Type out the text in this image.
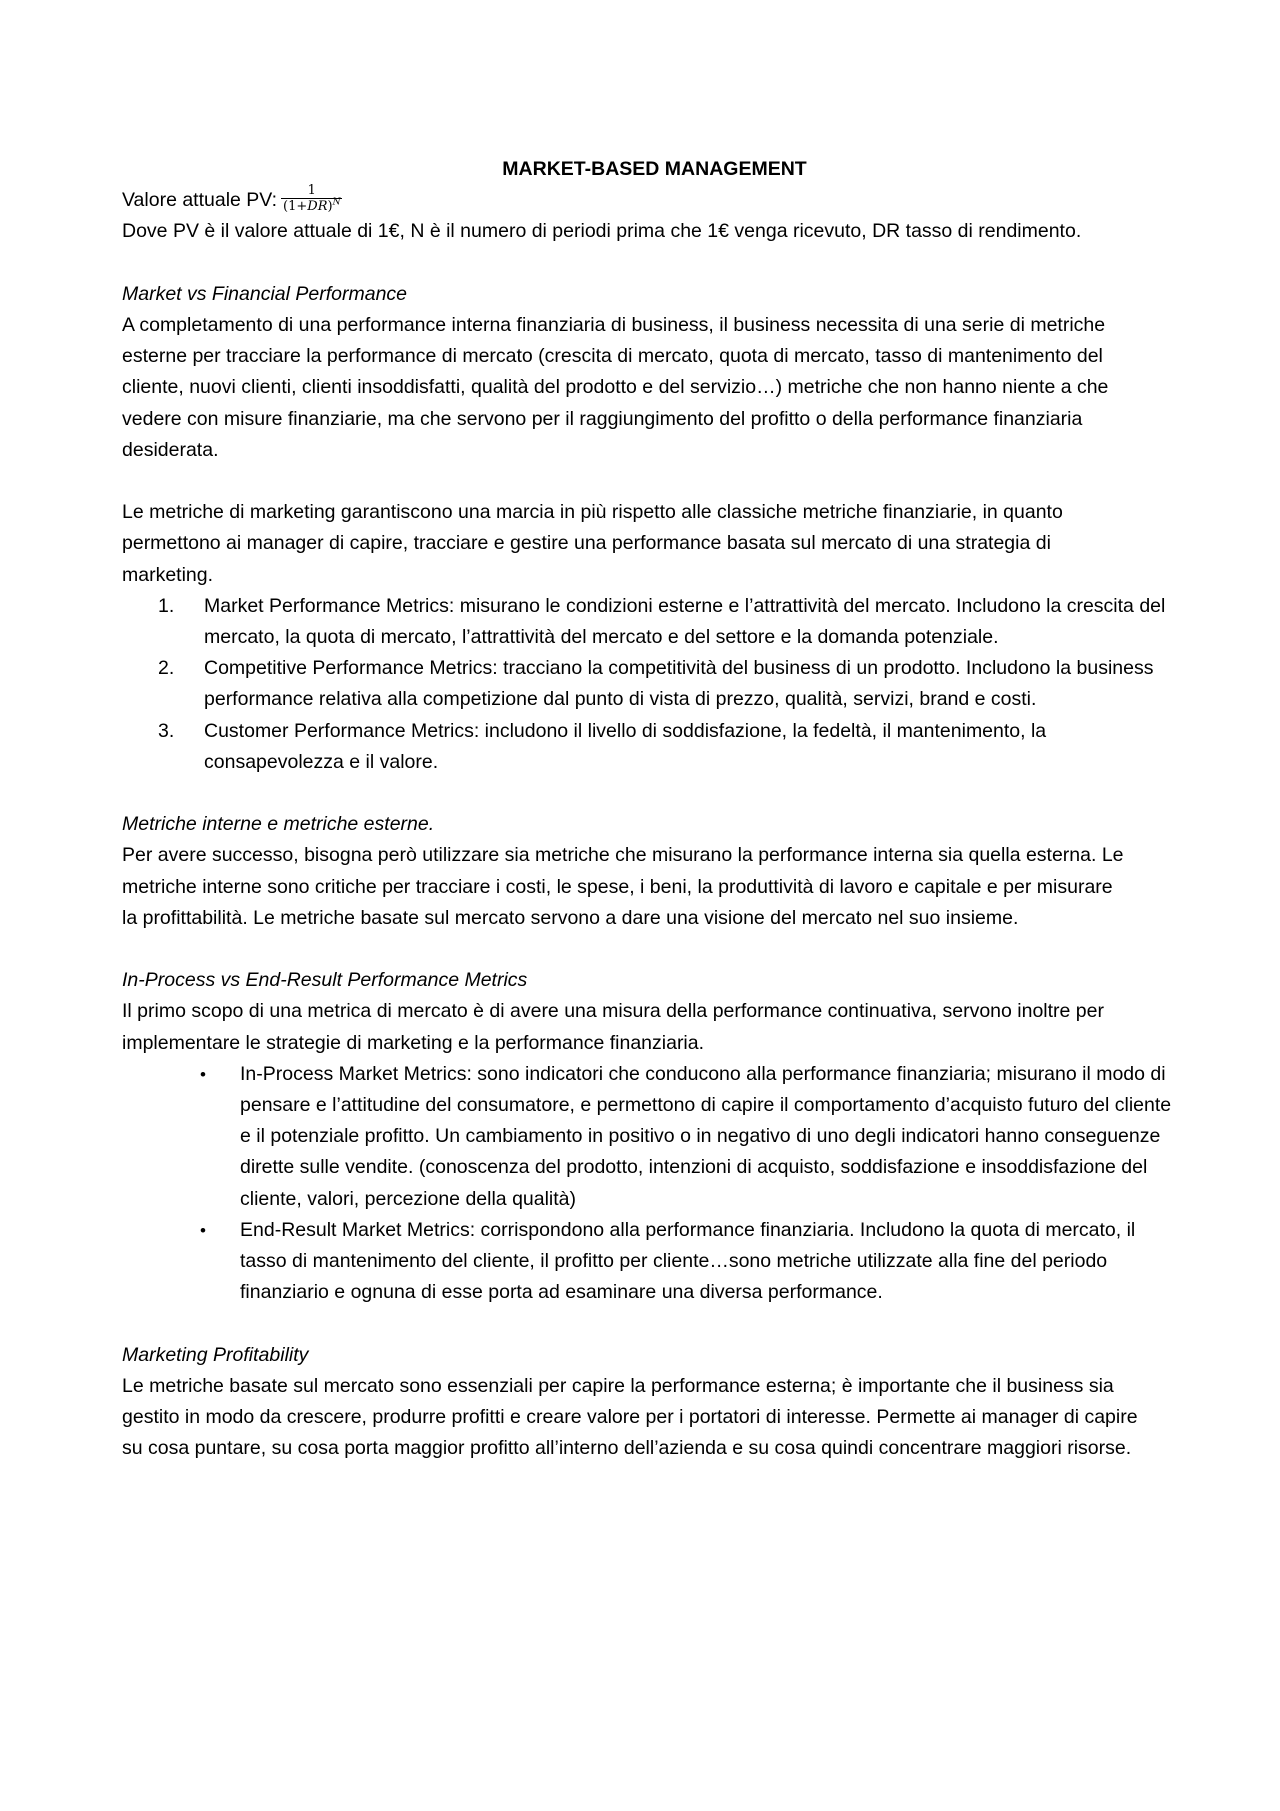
MARKET-BASED MANAGEMENT
Valore attuale PV: $\frac{1}{(1+DR)^N}$

Dove PV è il valore attuale di 1€, N è il numero di periodi prima che 1€ venga ricevuto, DR tasso di rendimento.

Market vs Financial Performance

A completamento di una performance interna finanziaria di business, il business necessita di una serie di metriche esterne per tracciare la performance di mercato (crescita di mercato, quota di mercato, tasso di mantenimento del cliente, nuovi clienti, clienti insoddisfatti, qualità del prodotto e del servizio…) metriche che non hanno niente a che vedere con misure finanziarie, ma che servono per il raggiungimento del profitto o della performance finanziaria desiderata.

Le metriche di marketing garantiscono una marcia in più rispetto alle classiche metriche finanziarie, in quanto permettono ai manager di capire, tracciare e gestire una performance basata sul mercato di una strategia di marketing.

1.	Market Performance Metrics: misurano le condizioni esterne e l’attrattività del mercato. Includono la crescita del mercato, la quota di mercato, l’attrattività del mercato e del settore e la domanda potenziale.
2.	Competitive Performance Metrics: tracciano la competitività del business di un prodotto. Includono la business performance relativa alla competizione dal punto di vista di prezzo, qualità, servizi, brand e costi.
3.	Customer Performance Metrics: includono il livello di soddisfazione, la fedeltà, il mantenimento, la consapevolezza e il valore.

Metriche interne e metriche esterne.

Per avere successo, bisogna però utilizzare sia metriche che misurano la performance interna sia quella esterna. Le metriche interne sono critiche per tracciare i costi, le spese, i beni, la produttività di lavoro e capitale e per misurare la profittabilità. Le metriche basate sul mercato servono a dare una visione del mercato nel suo insieme.

In-Process vs End-Result Performance Metrics

Il primo scopo di una metrica di mercato è di avere una misura della performance continuativa, servono inoltre per implementare le strategie di marketing e la performance finanziaria.

•	In-Process Market Metrics: sono indicatori che conducono alla performance finanziaria; misurano il modo di pensare e l’attitudine del consumatore, e permettono di capire il comportamento d’acquisto futuro del cliente e il potenziale profitto. Un cambiamento in positivo o in negativo di uno degli indicatori hanno conseguenze dirette sulle vendite. (conoscenza del prodotto, intenzioni di acquisto, soddisfazione e insoddisfazione del cliente, valori, percezione della qualità)
•	End-Result Market Metrics: corrispondono alla performance finanziaria. Includono la quota di mercato, il tasso di mantenimento del cliente, il profitto per cliente…sono metriche utilizzate alla fine del periodo finanziario e ognuna di esse porta ad esaminare una diversa performance.

Marketing Profitability

Le metriche basate sul mercato sono essenziali per capire la performance esterna; è importante che il business sia gestito in modo da crescere, produrre profitti e creare valore per i portatori di interesse. Permette ai manager di capire su cosa puntare, su cosa porta maggior profitto all’interno dell’azienda e su cosa quindi concentrare maggiori risorse.
